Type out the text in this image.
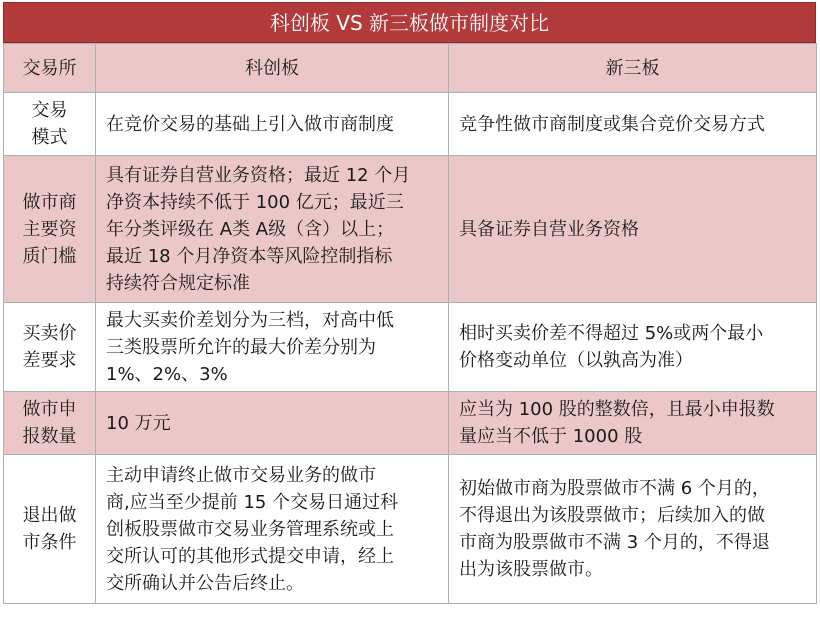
科创板 VS 新三板做市制度对比
交易所	科创板	新三板

交易
模式	在竞价交易的基础上引入做市商制度	竞争性做市商制度或集合竞价交易方式

做市商
主要资
质门槛	具有证券自营业务资格；最近 12 个月
净资本持续不低于 100 亿元；最近三
年分类评级在 A类 A级（含）以上；
最近 18 个月净资本等风险控制指标
持续符合规定标准	具备证券自营业务资格

买卖价
差要求	最大买卖价差划分为三档，对高中低
三类股票所允许的最大价差分别为
1%、2%、3%	相时买卖价差不得超过 5%或两个最小
价格变动单位（以孰高为准）

做市申
报数量	10 万元	应当为 100 股的整数倍，且最小申报数
量应当不低于 1000 股

退出做
市条件	主动申请终止做市交易业务的做市
商,应当至少提前 15 个交易日通过科
创板股票做市交易业务管理系统或上
交所认可的其他形式提交申请，经上
交所确认并公告后终止。	初始做市商为股票做市不满 6 个月的，
不得退出为该股票做市；后续加入的做
市商为股票做市不满 3 个月的，不得退
出为该股票做市。
